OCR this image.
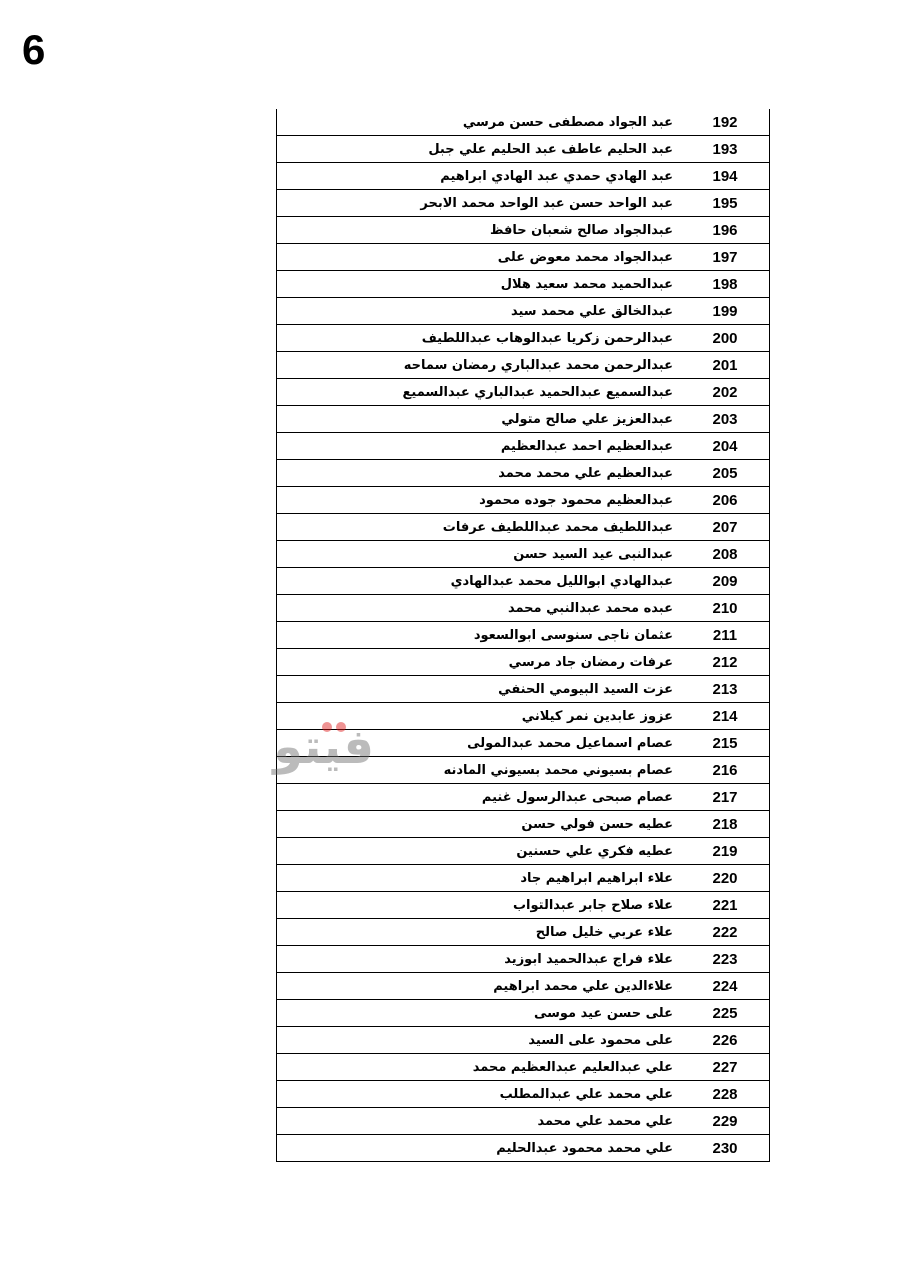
6
عبد الجواد مصطفى حسن مرسي	192
عبد الحليم عاطف عبد الحليم علي جبل	193
عبد الهادي حمدي عبد الهادي ابراهيم	194
عبد الواحد حسن عبد الواحد محمد الابحر	195
عبدالجواد صالح شعبان حافظ	196
عبدالجواد محمد معوض على	197
عبدالحميد محمد سعيد هلال	198
عبدالخالق علي محمد سيد	199
عبدالرحمن زكريا عبدالوهاب عبداللطيف	200
عبدالرحمن محمد عبدالباري رمضان سماحه	201
عبدالسميع عبدالحميد عبدالباري عبدالسميع	202
عبدالعزيز علي صالح متولي	203
عبدالعظيم احمد عبدالعظيم	204
عبدالعظيم علي محمد محمد	205
عبدالعظيم محمود جوده محمود	206
عبداللطيف محمد عبداللطيف عرفات	207
عبدالنبى عيد السيد حسن	208
عبدالهادي ابوالليل محمد عبدالهادي	209
عبده محمد عبدالنبي محمد	210
عثمان ناجى سنوسى ابوالسعود	211
عرفات رمضان جاد مرسي	212
عزت السيد البيومي الحنفي	213
عزوز عابدين نمر كيلاني	214
عصام اسماعيل محمد عبدالمولى	215
عصام بسيوني محمد بسيوني المادنه	216
عصام صبحى عبدالرسول غنيم	217
عطيه حسن فولي حسن	218
عطيه فكري علي حسنين	219
علاء ابراهيم ابراهيم جاد	220
علاء صلاح جابر عبدالتواب	221
علاء عربي خليل صالح	222
علاء فراج عبدالحميد ابوزيد	223
علاءالدين علي محمد ابراهيم	224
على حسن عيد موسى	225
على محمود على السيد	226
علي عبدالعليم عبدالعظيم محمد	227
علي محمد علي عبدالمطلب	228
علي محمد علي محمد	229
علي محمد محمود عبدالحليم	230
فيتو
